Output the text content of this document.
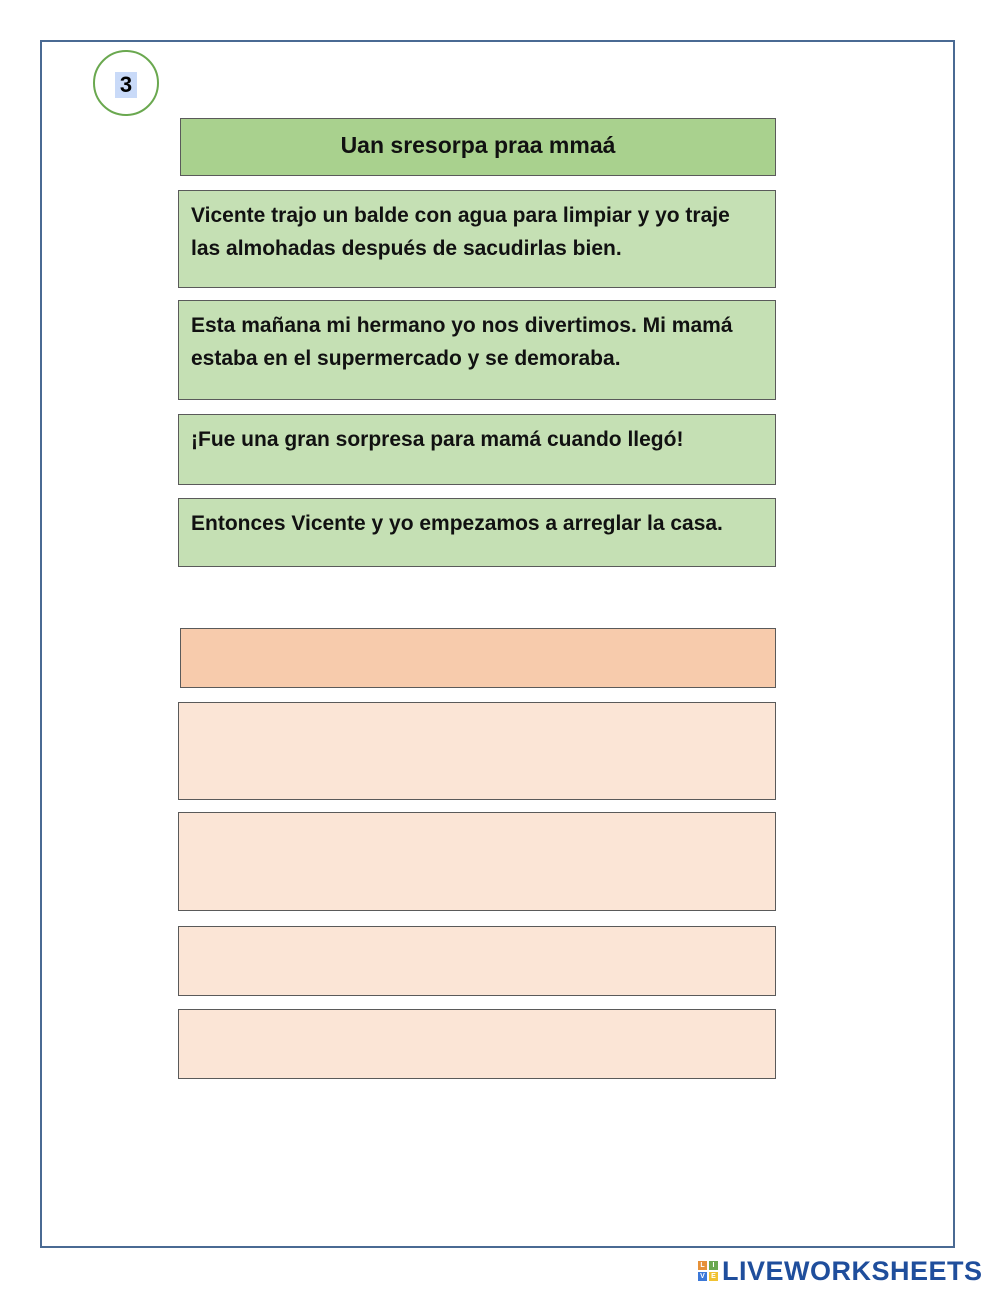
3
Uan sresorpa praa mmaá
Vicente trajo un balde con agua para limpiar y yo traje las almohadas después de sacudirlas bien.
Esta mañana mi hermano yo nos divertimos. Mi mamá estaba en el supermercado y se demoraba.
¡Fue una gran sorpresa para mamá cuando llegó!
Entonces Vicente y yo empezamos a arreglar la casa.
L	I
V E LIVEWORKSHEETS
